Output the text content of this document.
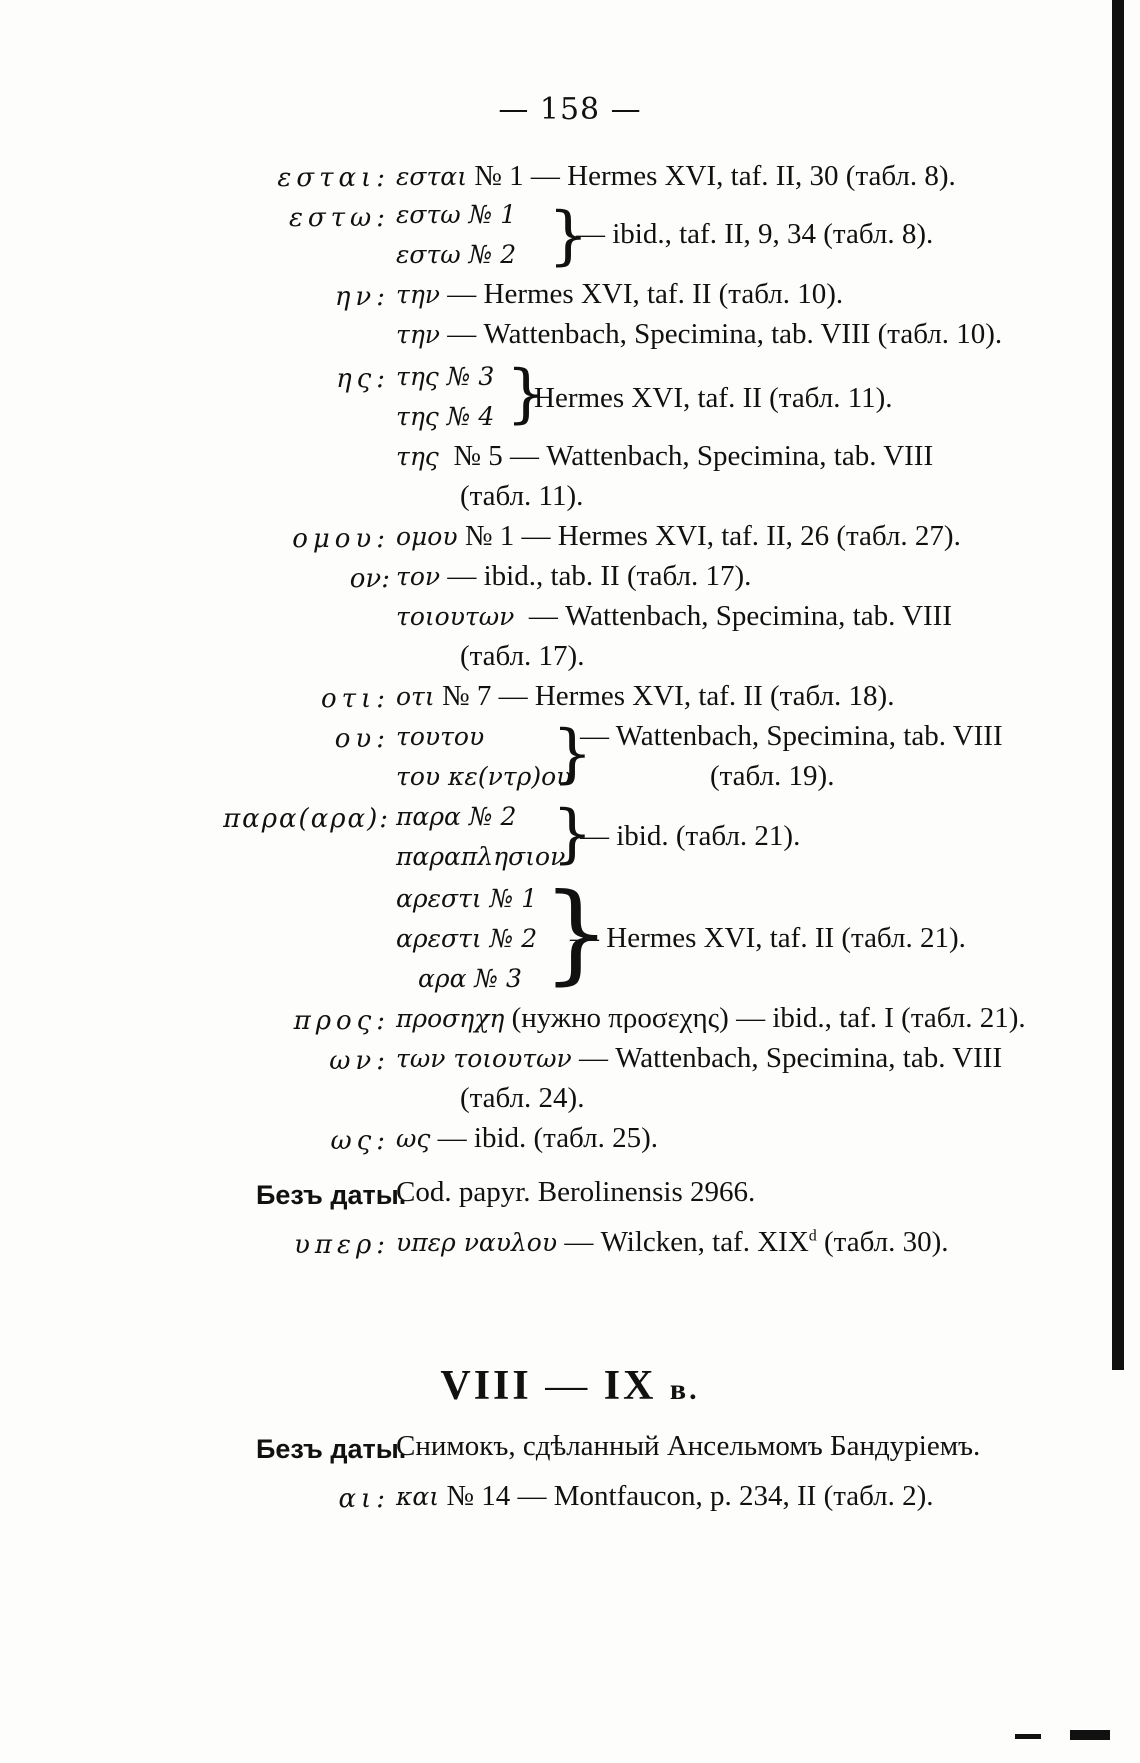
— 158 —
εσται: εσται № 1 — Hermes XVI, taf. II, 30 (табл. 8).
εστω: εστω № 1
εστω № 2 }
— ibid., taf. II, 9, 34 (табл. 8).
ην: την — Hermes XVI, taf. II (табл. 10).
την — Wattenbach, Specimina, tab. VIII (табл. 10).
ης: της № 3
της № 4 }
Hermes XVI, taf. II (табл. 11).
της № 5 — Wattenbach, Specimina, tab. VIII
(табл. 11).
ομου: ομου № 1 — Hermes XVI, taf. II, 26 (табл. 27).
ον: τον — ibid., tab. II (табл. 17).
τοιουτων — Wattenbach, Specimina, tab. VIII
(табл. 17).
οτι: οτι № 7 — Hermes XVI, taf. II (табл. 18).
ου: τουτου
του κε(ντρ)ου
}
— Wattenbach, Specimina, tab. VIII
(табл. 19).
παρα(αρα): παρα № 2
παραπλησιον
}
— ibid. (табл. 21).
αρεστι № 1
αρεστι № 2
αρα № 3 }
— Hermes XVI, taf. II (табл. 21).
προς: προσηχη (нужно προσεχης) — ibid., taf. I (табл. 21).
ων: των τοιουτων — Wattenbach, Specimina, tab. VIII
(табл. 24).
ως: ως — ibid. (табл. 25).
Безъ даты.
Cod. papyr. Berolinensis 2966.
υπερ: υπερ ναυλου — Wilcken, taf. XIX$^d$ (табл. 30).
VIII — IX в.
Безъ даты.
Снимокъ, сдѣланный Ансельмомъ Бандуріемъ.
αι: και № 14 — Montfaucon, p. 234, II (табл. 2).
